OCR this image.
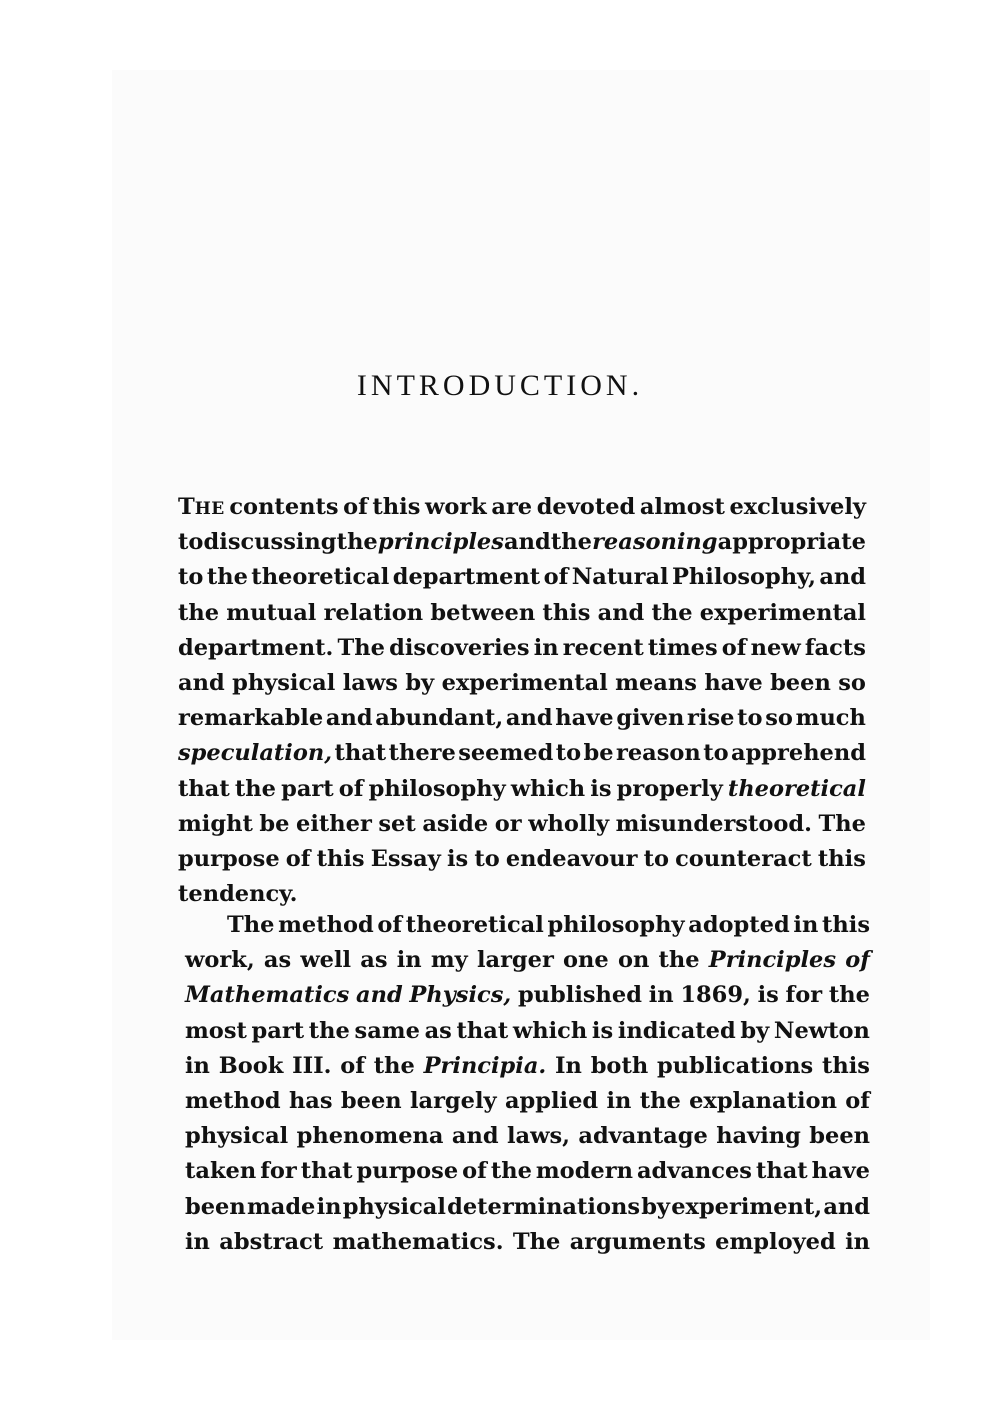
INTRODUCTION.
THE contents of this work are devoted almost exclusively
to discussing the principles and the reasoning appropriate
to the theoretical department of Natural Philosophy, and
the mutual relation between this and the experimental
department. The discoveries in recent times of new facts
and physical laws by experimental means have been so
remarkable and abundant, and have given rise to so much
speculation, that there seemed to be reason to apprehend
that the part of philosophy which is properly theoretical
might be either set aside or wholly misunderstood. The
purpose of this Essay is to endeavour to counteract this
tendency.
The method of theoretical philosophy adopted in this
work, as well as in my larger one on the Principles of
Mathematics and Physics, published in 1869, is for the
most part the same as that which is indicated by Newton
in Book III. of the Principia. In both publications this
method has been largely applied in the explanation of
physical phenomena and laws, advantage having been
taken for that purpose of the modern advances that have
been made in physical determinations by experiment, and
in abstract mathematics. The arguments employed in
